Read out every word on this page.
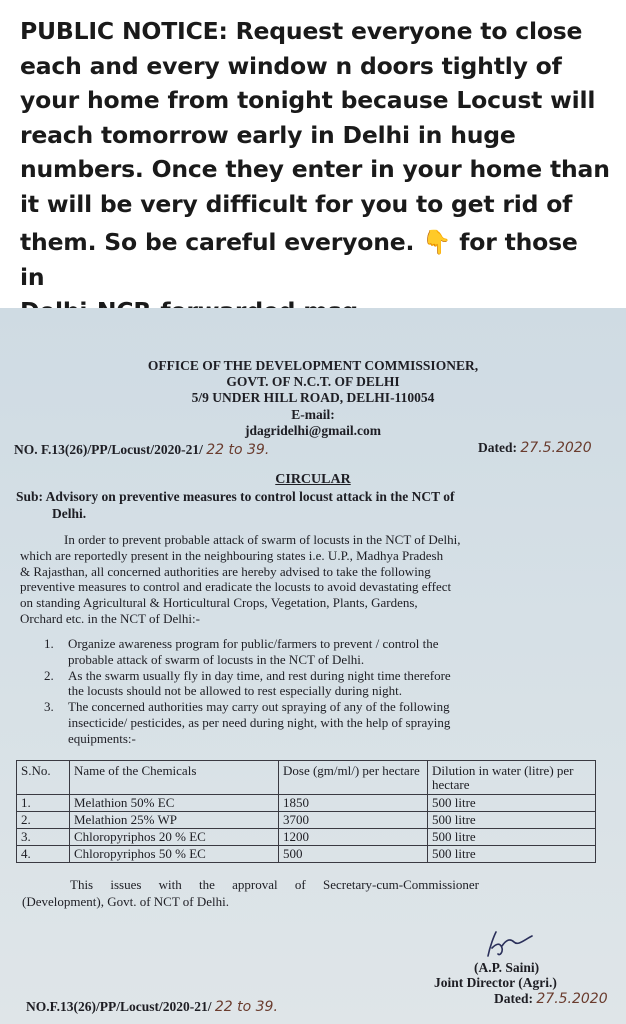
PUBLIC NOTICE: Request everyone to close

each and every window n doors tightly of

your home from tonight because Locust will

reach tomorrow early in Delhi in huge

numbers. Once they enter in your home than

it will be very difficult for you to get rid of

them. So be careful everyone. 👇 for those in

OFFICE OF THE DEVELOPMENT COMMISSIONER,
GOVT. OF N.C.T. OF DELHI
5/9 UNDER HILL ROAD, DELHI-110054
E-mail:
jdagridelhi@gmail.com
NO. F.13(26)/PP/Locust/2020-21/ 22 to 39.	Dated: 27.5.2020
CIRCULAR
Sub: Advisory on preventive measures to control locust attack in the NCT of
Delhi.
In order to prevent probable attack of swarm of locusts in the NCT of Delhi,
which are reportedly present in the neighbouring states i.e. U.P., Madhya Pradesh
& Rajasthan, all concerned authorities are hereby advised to take the following
preventive measures to control and eradicate the locusts to avoid devastating effect
on standing Agricultural & Horticultural Crops, Vegetation, Plants, Gardens,
Orchard etc. in the NCT of Delhi:-
1. Organize awareness program for public/farmers to prevent / control the
probable attack of swarm of locusts in the NCT of Delhi.
2. As the swarm usually fly in day time, and rest during night time therefore
the locusts should not be allowed to rest especially during night.
3. The concerned authorities may carry out spraying of any of the following
insecticide/ pesticides, as per need during night, with the help of spraying
equipments:-
S.No.	Name of the Chemicals	Dose (gm/ml/) per hectare	Dilution in water (litre) per hectare
1.	Melathion 50% EC	1850	500 litre
2.	Melathion 25% WP	3700	500 litre
3.	Chloropyriphos 20 % EC	1200	500 litre
4.	Chloropyriphos 50 % EC	500	500 litre
This issues with the approval of Secretary-cum-Commissioner
(Development), Govt. of NCT of Delhi.
(A.P. Saini)
Joint Director (Agri.)
Dated: 27.5.2020
NO.F.13(26)/PP/Locust/2020-21/ 22 to 39.
